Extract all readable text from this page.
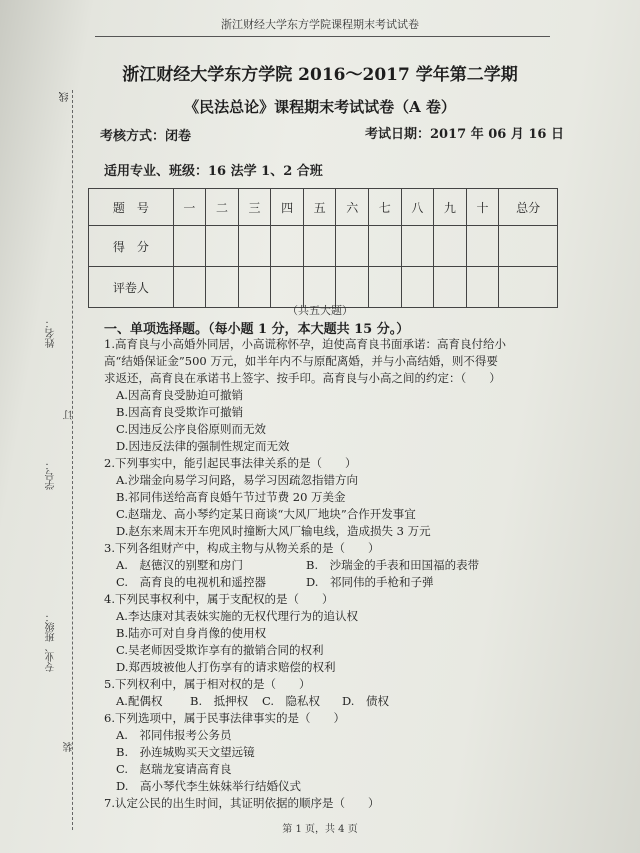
浙江财经大学东方学院课程期末考试试卷
浙江财经大学东方学院 2016～2017 学年第二学期
《民法总论》课程期末考试试卷（A 卷）
考核方式：闭卷	考试日期：2017 年 06 月 16 日
适用专业、班级：16 法学 1、2 合班
线
姓名：
订
学号：
专业、班级：
装
题　号	一	二	三	四	五	六	七	八	九	十	总分
得　分											
评卷人											
（共五大题）
一、单项选择题。（每小题 1 分，本大题共 15 分。）
1.高育良与小高婚外同居，小高谎称怀孕，迫使高育良书面承诺：高育良付给小
高“结婚保证金”500 万元，如半年内不与原配离婚，并与小高结婚，则不得要
求返还，高育良在承诺书上签字、按手印。高育良与小高之间的约定：（　　）
A.因高育良受胁迫可撤销
B.因高育良受欺诈可撤销
C.因违反公序良俗原则而无效
D.因违反法律的强制性规定而无效
2.下列事实中，能引起民事法律关系的是（　　）
A.沙瑞金向易学习问路，易学习因疏忽指错方向
B.祁同伟送给高育良婚午节过节费 20 万美金
C.赵瑞龙、高小琴约定某日商谈“大风厂地块”合作开发事宜
D.赵东来周末开车兜风时撞断大风厂输电线，造成损失 3 万元
3.下列各组财产中，构成主物与从物关系的是（　　）
A.　赵德汉的别墅和房门	B.　沙瑞金的手表和田国福的表带
C.　高育良的电视机和遥控器	D.　祁同伟的手枪和子弹
4.下列民事权利中，属于支配权的是（　　）
A.李达康对其表妹实施的无权代理行为的追认权
B.陆亦可对自身肖像的使用权
C.吴老师因受欺诈享有的撤销合同的权利
D.郑西坡被他人打伤享有的请求赔偿的权利
5.下列权利中，属于相对权的是（　　）
A.配偶权 B.　抵押权 C.　隐私权 D.　债权
6.下列选项中，属于民事法律事实的是（　　）
A.　祁同伟报考公务员
B.　孙连城购买天文望远镜
C.　赵瑞龙宴请高育良
D.　高小琴代李生妹妹举行结婚仪式
7.认定公民的出生时间，其证明依据的顺序是（　　）
第 1 页，共 4 页
